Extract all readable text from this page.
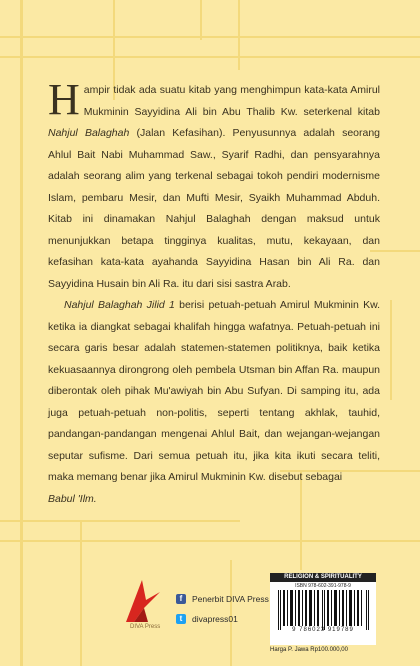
Hampir tidak ada suatu kitab yang menghimpun kata-kata Amirul Mukminin Sayyidina Ali bin Abu Thalib Kw. seterkenal kitab Nahjul Balaghah (Jalan Kefasihan). Penyusunnya adalah seorang Ahlul Bait Nabi Muhammad Saw., Syarif Radhi, dan pensyarahnya adalah seorang alim yang terkenal sebagai tokoh pendiri modernisme Islam, pembaru Mesir, dan Mufti Mesir, Syaikh Muhammad Abduh. Kitab ini dinamakan Nahjul Balaghah dengan maksud untuk menunjukkan betapa tingginya kualitas, mutu, kekayaan, dan kefasihan kata-kata ayahanda Sayyidina Hasan bin Ali Ra. dan Sayyidina Husain bin Ali Ra. itu dari sisi sastra Arab.

Nahjul Balaghah Jilid 1 berisi petuah-petuah Amirul Mukminin Kw. ketika ia diangkat sebagai khalifah hingga wafatnya. Petuah-petuah ini secara garis besar adalah statemen-statemen politiknya, baik ketika kekuasaannya dirongrong oleh pembela Utsman bin Affan Ra. maupun diberontak oleh pihak Mu'awiyah bin Abu Sufyan. Di samping itu, ada juga petuah-petuah non-politis, seperti tentang akhlak, tauhid, pandangan-pandangan mengenai Ahlul Bait, dan wejangan-wejangan seputar sufisme. Dari semua petuah itu, jika kita ikuti secara teliti, maka memang benar jika Amirul Mukminin Kw. disebut sebagai
Babul 'Ilm.

DIVA Press
f	Penerbit DIVA Press
t	divapress01
RELIGION & SPIRITUALITY
ISBN 978-602-391-978-9
9 786023 919789
Harga P. Jawa Rp100.000,00
